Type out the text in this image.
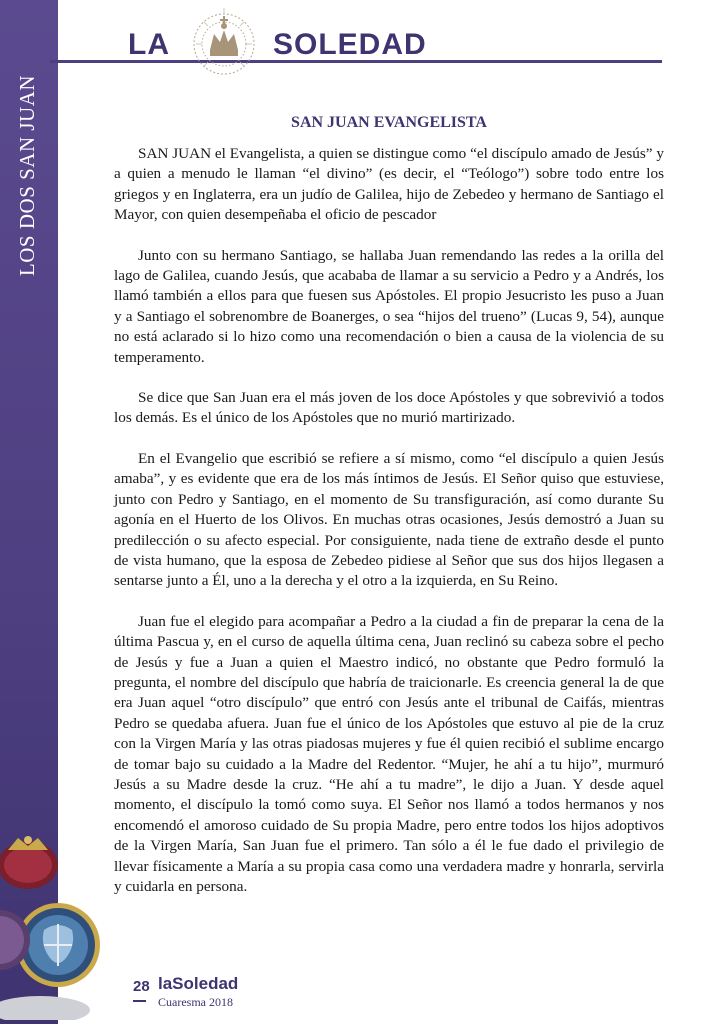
LOS DOS SAN JUAN
LA	SOLEDAD
SAN JUAN EVANGELISTA

SAN JUAN el Evangelista, a quien se distingue como “el discípulo amado de Jesús” y a quien a menudo le llaman “el divino” (es decir, el “Teólogo”) sobre todo entre los griegos y en Inglaterra, era un judío de Galilea, hijo de Zebedeo y hermano de Santiago el Mayor, con quien desempeñaba el oficio de pescador

Junto con su hermano Santiago, se hallaba Juan remendando las redes a la orilla del lago de Galilea, cuando Jesús, que acababa de llamar a su servicio a Pedro y a Andrés, los llamó también a ellos para que fuesen sus Apóstoles. El propio Jesucristo les puso a Juan y a Santiago el sobrenombre de Boanerges, o sea “hijos del trueno” (Lucas 9, 54), aunque no está aclarado si lo hizo como una recomendación o bien a causa de la violencia de su temperamento.

Se dice que San Juan era el más joven de los doce Apóstoles y que sobrevivió a todos los demás. Es el único de los Apóstoles que no murió martirizado.

En el Evangelio que escribió se refiere a sí mismo, como “el discípulo a quien Jesús amaba”, y es evidente que era de los más íntimos de Jesús. El Señor quiso que estuviese, junto con Pedro y Santiago, en el momento de Su transfiguración, así como durante Su agonía en el Huerto de los Olivos. En muchas otras ocasiones, Jesús demostró a Juan su predilección o su afecto especial. Por consiguiente, nada tiene de extraño desde el punto de vista humano, que la esposa de Zebedeo pidiese al Señor que sus dos hijos llegasen a sentarse junto a Él, uno a la derecha y el otro a la izquierda, en Su Reino.

Juan fue el elegido para acompañar a Pedro a la ciudad a fin de preparar la cena de la última Pascua y, en el curso de aquella última cena, Juan reclinó su cabeza sobre el pecho de Jesús y fue a Juan a quien el Maestro indicó, no obstante que Pedro formuló la pregunta, el nombre del discípulo que habría de traicionarle. Es creencia general la de que era Juan aquel “otro discípulo” que entró con Jesús ante el tribunal de Caifás, mientras Pedro se quedaba afuera. Juan fue el único de los Apóstoles que estuvo al pie de la cruz con la Virgen María y las otras piadosas mujeres y fue él quien recibió el sublime encargo de tomar bajo su cuidado a la Madre del Redentor. “Mujer, he ahí a tu hijo”, murmuró Jesús a su Madre desde la cruz. “He ahí a tu madre”, le dijo a Juan. Y desde aquel momento, el discípulo la tomó como suya. El Señor nos llamó a todos hermanos y nos encomendó el amoroso cuidado de Su propia Madre, pero entre todos los hijos adoptivos de la Virgen María, San Juan fue el primero. Tan sólo a él le fue dado el privilegio de llevar físicamente a María a su propia casa como una verdadera madre y honrarla, servirla y cuidarla en persona.

28 laSoledad
Cuaresma 2018
